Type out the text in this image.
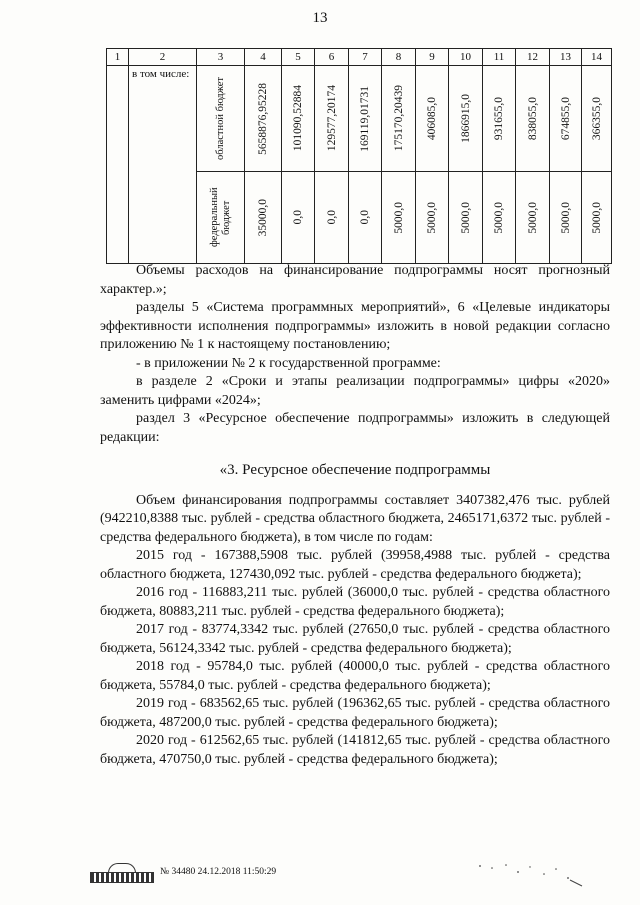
13
1	2	3	4	5	6	7	8	9	10	11	12	13	14
	в том числе:	областной бюджет	5658876,95228	101090,52884	129577,20174	169119,01731	175170,20439	406085,0	1866915,0	931655,0	838055,0	674855,0	366355,0

		федеральный бюджет	35000,0	0,0	0,0	0,0	5000,0	5000,0	5000,0	5000,0	5000,0	5000,0	5000,0

Объемы расходов на финансирование подпрограммы носят прогнозный характер.»;

разделы 5 «Система программных мероприятий», 6 «Целевые индикаторы эффективности исполнения подпрограммы» изложить в новой редакции согласно приложению № 1 к настоящему постановлению;

- в приложении № 2 к государственной программе:

в разделе 2 «Сроки и этапы реализации подпрограммы» цифры «2020» заменить цифрами «2024»;

раздел 3 «Ресурсное обеспечение подпрограммы» изложить в следующей редакции:

«3. Ресурсное обеспечение подпрограммы

Объем финансирования подпрограммы составляет 3407382,476 тыс. рублей (942210,8388 тыс. рублей - средства областного бюджета, 2465171,6372 тыс. рублей - средства федерального бюджета), в том числе по годам:

2015 год - 167388,5908 тыс. рублей (39958,4988 тыс. рублей - средства областного бюджета, 127430,092 тыс. рублей - средства федерального бюджета);

2016 год - 116883,211 тыс. рублей (36000,0 тыс. рублей - средства областного бюджета, 80883,211 тыс. рублей - средства федерального бюджета);

2017 год - 83774,3342 тыс. рублей (27650,0 тыс. рублей - средства областного бюджета, 56124,3342 тыс. рублей - средства федерального бюджета);

2018 год - 95784,0 тыс. рублей (40000,0 тыс. рублей - средства областного бюджета, 55784,0 тыс. рублей - средства федерального бюджета);

2019 год - 683562,65 тыс. рублей (196362,65 тыс. рублей - средства областного бюджета, 487200,0 тыс. рублей - средства федерального бюджета);

2020 год - 612562,65 тыс. рублей (141812,65 тыс. рублей - средства областного бюджета, 470750,0 тыс. рублей - средства федерального бюджета);

№ 34480 24.12.2018 11:50:29
